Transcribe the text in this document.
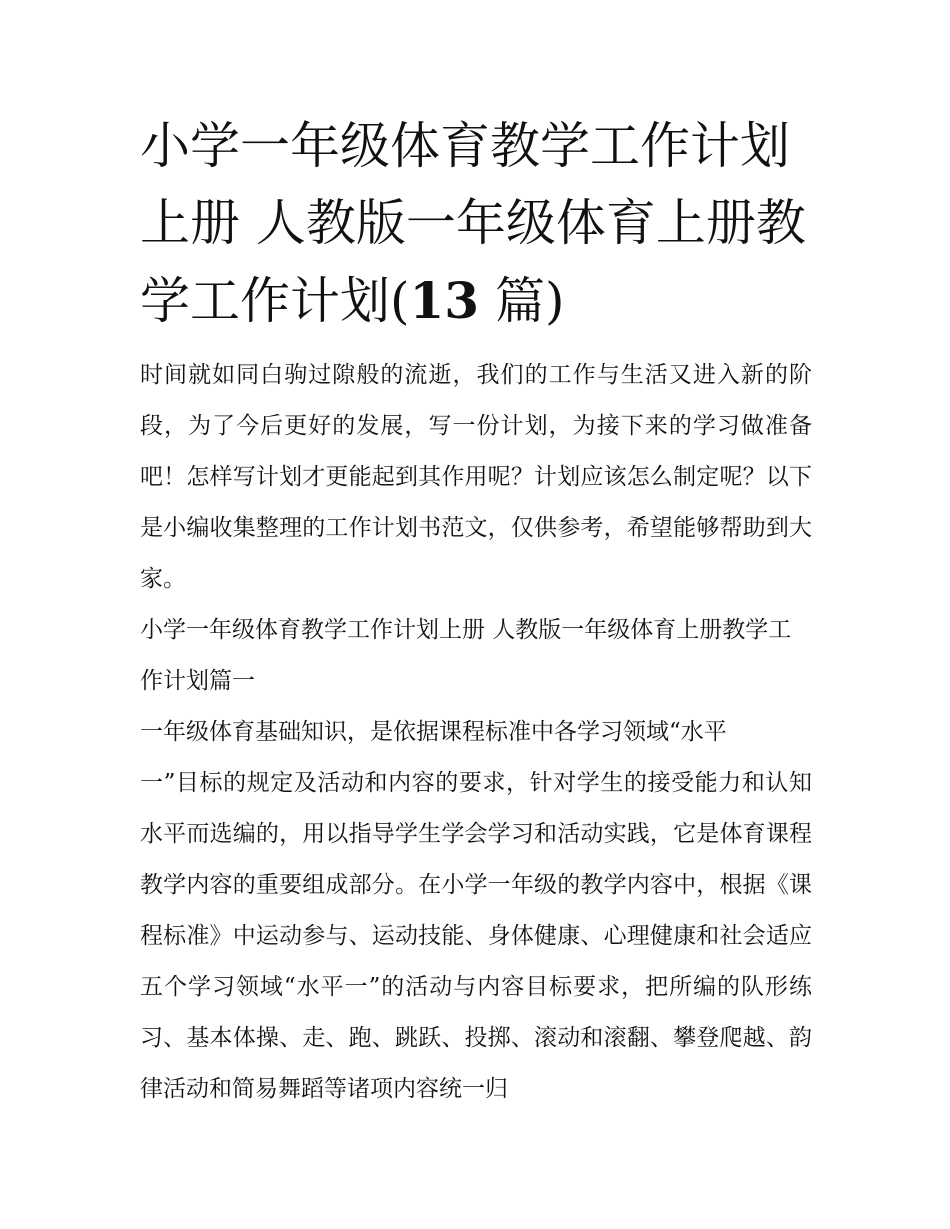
小学一年级体育教学工作计划上册 人教版一年级体育上册教学工作计划(13 篇)

时间就如同白驹过隙般的流逝，我们的工作与生活又进入新的阶段，为了今后更好的发展，写一份计划，为接下来的学习做准备吧！怎样写计划才更能起到其作用呢？计划应该怎么制定呢？以下是小编收集整理的工作计划书范文，仅供参考，希望能够帮助到大家。

小学一年级体育教学工作计划上册 人教版一年级体育上册教学工作计划篇一

一年级体育基础知识，是依据课程标准中各学习领域“水平

一”目标的规定及活动和内容的要求，针对学生的接受能力和认知水平而选编的，用以指导学生学会学习和活动实践，它是体育课程教学内容的重要组成部分。在小学一年级的教学内容中，根据《课程标准》中运动参与、运动技能、身体健康、心理健康和社会适应五个学习领域“水平一”的活动与内容目标要求，把所编的队形练习、基本体操、走、跑、跳跃、投掷、滚动和滚翻、攀登爬越、韵律活动和简易舞蹈等诸项内容统一归
